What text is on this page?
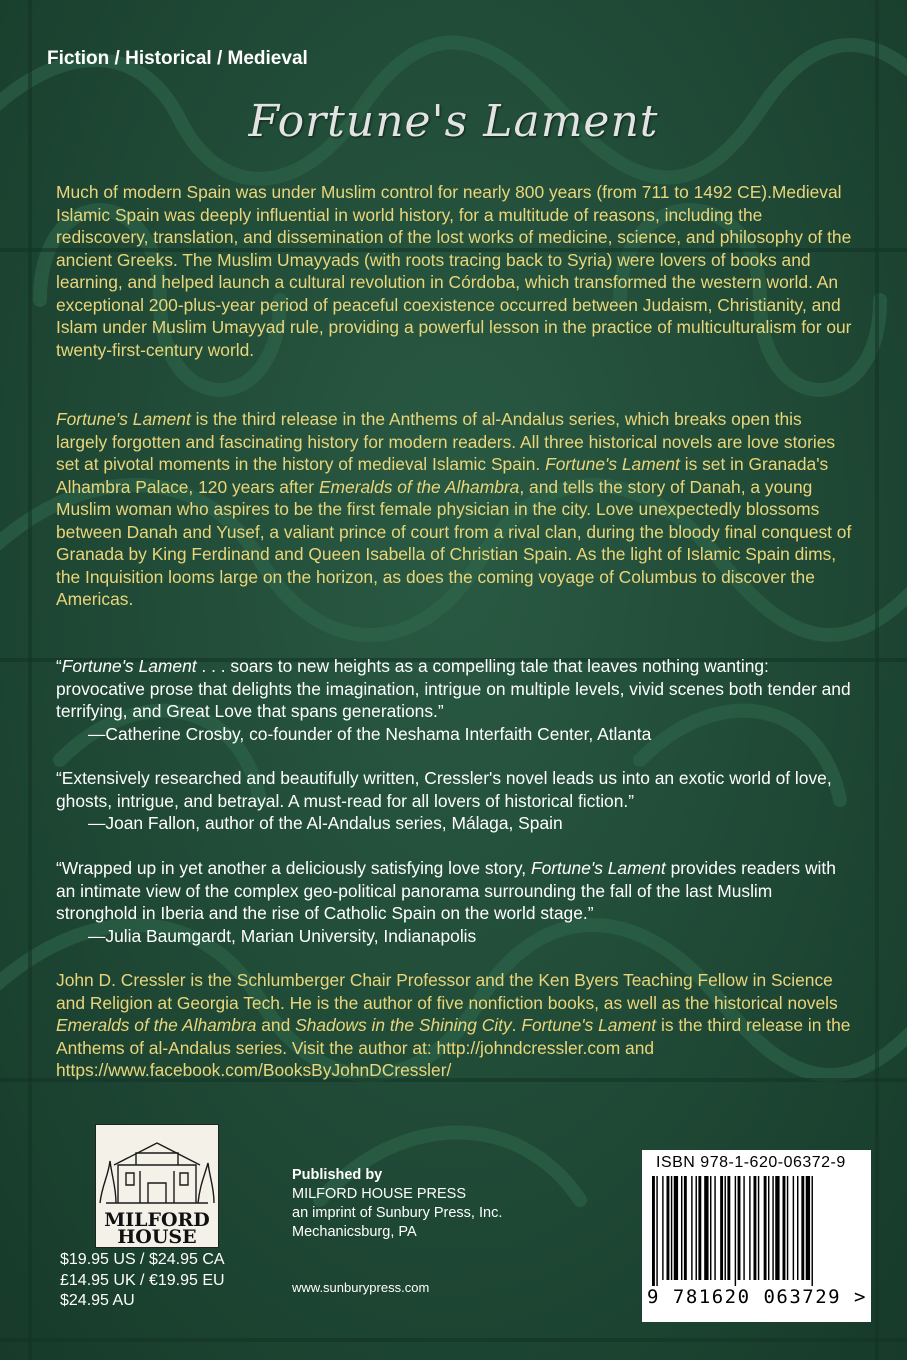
Fiction / Historical / Medieval
Fortune's Lament

Much of modern Spain was under Muslim control for nearly 800 years (from 711 to 1492 CE).Medieval Islamic Spain was deeply influential in world history, for a multitude of reasons, including the rediscovery, translation, and dissemination of the lost works of medicine, science, and philosophy of the ancient Greeks. The Muslim Umayyads (with roots tracing back to Syria) were lovers of books and learning, and helped launch a cultural revolution in Córdoba, which transformed the western world. An exceptional 200-plus-year period of peaceful coexistence occurred between Judaism, Christianity, and Islam under Muslim Umayyad rule, providing a powerful lesson in the practice of multiculturalism for our twenty-first-century world.

Fortune's Lament is the third release in the Anthems of al-Andalus series, which breaks open this largely forgotten and fascinating history for modern readers. All three historical novels are love stories set at pivotal moments in the history of medieval Islamic Spain. Fortune's Lament is set in Granada's Alhambra Palace, 120 years after Emeralds of the Alhambra, and tells the story of Danah, a young Muslim woman who aspires to be the first female physician in the city. Love unexpectedly blossoms between Danah and Yusef, a valiant prince of court from a rival clan, during the bloody final conquest of Granada by King Ferdinand and Queen Isabella of Christian Spain. As the light of Islamic Spain dims, the Inquisition looms large on the horizon, as does the coming voyage of Columbus to discover the Americas.

“Fortune's Lament . . . soars to new heights as a compelling tale that leaves nothing wanting: provocative prose that delights the imagination, intrigue on multiple levels, vivid scenes both tender and terrifying, and Great Love that spans generations.”

—Catherine Crosby, co-founder of the Neshama Interfaith Center, Atlanta

“Extensively researched and beautifully written, Cressler's novel leads us into an exotic world of love, ghosts, intrigue, and betrayal. A must-read for all lovers of historical fiction.”

—Joan Fallon, author of the Al-Andalus series, Málaga, Spain

“Wrapped up in yet another a deliciously satisfying love story, Fortune's Lament provides readers with an intimate view of the complex geo-political panorama surrounding the fall of the last Muslim stronghold in Iberia and the rise of Catholic Spain on the world stage.”

—Julia Baumgardt, Marian University, Indianapolis

John D. Cressler is the Schlumberger Chair Professor and the Ken Byers Teaching Fellow in Science and Religion at Georgia Tech. He is the author of five nonfiction books, as well as the historical novels Emeralds of the Alhambra and Shadows in the Shining City. Fortune's Lament is the third release in the Anthems of al-Andalus series. Visit the author at: http://johndcressler.com and https://www.facebook.com/BooksByJohnDCressler/

MILFORD
HOUSE
$19.95 US / $24.95 CA
£14.95 UK / €19.95 EU
$24.95 AU
Published by
MILFORD HOUSE PRESS
an imprint of Sunbury Press, Inc.
Mechanicsburg, PA
www.sunburypress.com
ISBN 978-1-620-06372-9
9 781620 063729 >
